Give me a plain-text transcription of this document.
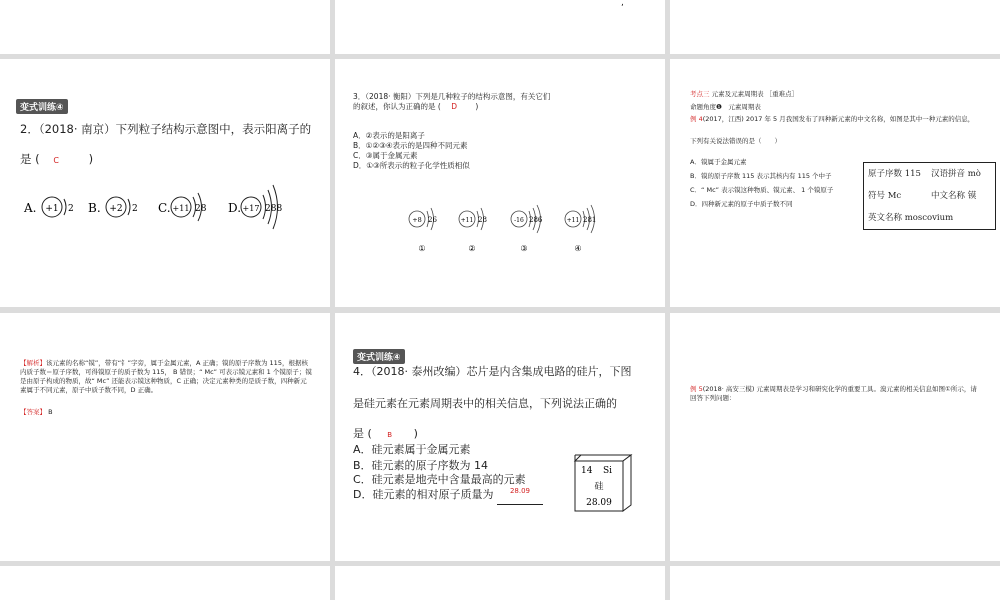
,
变式训练④
2．（2018· 南京）下列粒子结构示意图中，表示阳离子的
是 ( C	)
A. +1 2 B. +2 2 C. +11 28 D. +17 288
3．（2018· 衡阳）下列是几种粒子的结构示意图，有关它们
的叙述，你认为正确的是 ( D )
A．②表示的是阳离子
B．①②③④表示的是四种不同元素
C．③属于金属元素
D．①③所表示的粒子化学性质相似
+8 26
①
+11 28
②
-16 286
③
+11 281
④
考点三 元素及元素周期表 ［重难点］
命题角度❶　元素周期表
例 4(2017，江西) 2017 年 5 月我国发布了四种新元素的中文名称，如图是其中一种元素的信息，
下列有关说法错误的是（　　）
A．镆属于金属元素
B．镆的原子序数 115 表示其核内有 115 个中子
C．“ Mc” 表示镆这种物质、镆元素、 1 个镆原子
D．四种新元素的原子中质子数不同
原子序数 115 汉语拼音 mò
符号 Mc	中文名称 镆
英文名称 moscovium
【解析】该元素的名称“镆”，带有“钅”字旁，属于金属元素，A 正确；镆的原子序数为 115，根据核内质子数＝原子序数，可得镆原子的质子数为 115， B 错误；“ Mc” 可表示镆元素和 1 个镆原子；镆是由原子构成的物质，故“ Mc” 还能表示镆这种物质，C 正确；决定元素种类的是质子数，四种新元素属于不同元素，原子中质子数不同，D 正确。
【答案】 B
变式训练④
4．（2018· 泰州改编）芯片是内含集成电路的硅片，下图
是硅元素在元素周期表中的相关信息，下列说法正确的
是 ( B )
A．硅元素属于金属元素
B．硅元素的原子序数为 14
C．硅元素是地壳中含量最高的元素
D．硅元素的相对原子质量为 $^{28.09}$
14 Si
硅
28.09
例 5(2018· 高安三模) 元素周期表是学习和研究化学的重要工具。溴元素的相关信息如图①所示，请回答下列问题：
